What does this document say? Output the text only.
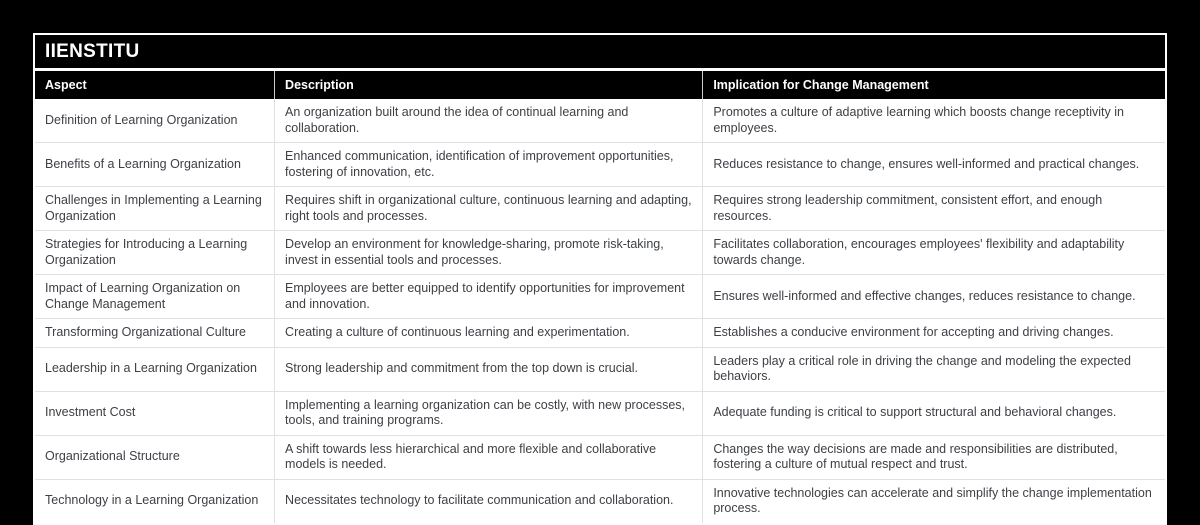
IIENSTITU
Aspect	Description	Implication for Change Management
Definition of Learning Organization	An organization built around the idea of continual learning and collaboration.	Promotes a culture of adaptive learning which boosts change receptivity in employees.
Benefits of a Learning Organization	Enhanced communication, identification of improvement opportunities, fostering of innovation, etc.	Reduces resistance to change, ensures well-informed and practical changes.
Challenges in Implementing a Learning Organization	Requires shift in organizational culture, continuous learning and adapting, right tools and processes.	Requires strong leadership commitment, consistent effort, and enough resources.
Strategies for Introducing a Learning Organization	Develop an environment for knowledge-sharing, promote risk-taking, invest in essential tools and processes.	Facilitates collaboration, encourages employees' flexibility and adaptability towards change.
Impact of Learning Organization on Change Management	Employees are better equipped to identify opportunities for improvement and innovation.	Ensures well-informed and effective changes, reduces resistance to change.
Transforming Organizational Culture	Creating a culture of continuous learning and experimentation.	Establishes a conducive environment for accepting and driving changes.
Leadership in a Learning Organization	Strong leadership and commitment from the top down is crucial.	Leaders play a critical role in driving the change and modeling the expected behaviors.
Investment Cost	Implementing a learning organization can be costly, with new processes, tools, and training programs.	Adequate funding is critical to support structural and behavioral changes.
Organizational Structure	A shift towards less hierarchical and more flexible and collaborative models is needed.	Changes the way decisions are made and responsibilities are distributed, fostering a culture of mutual respect and trust.
Technology in a Learning Organization	Necessitates technology to facilitate communication and collaboration.	Innovative technologies can accelerate and simplify the change implementation process.
